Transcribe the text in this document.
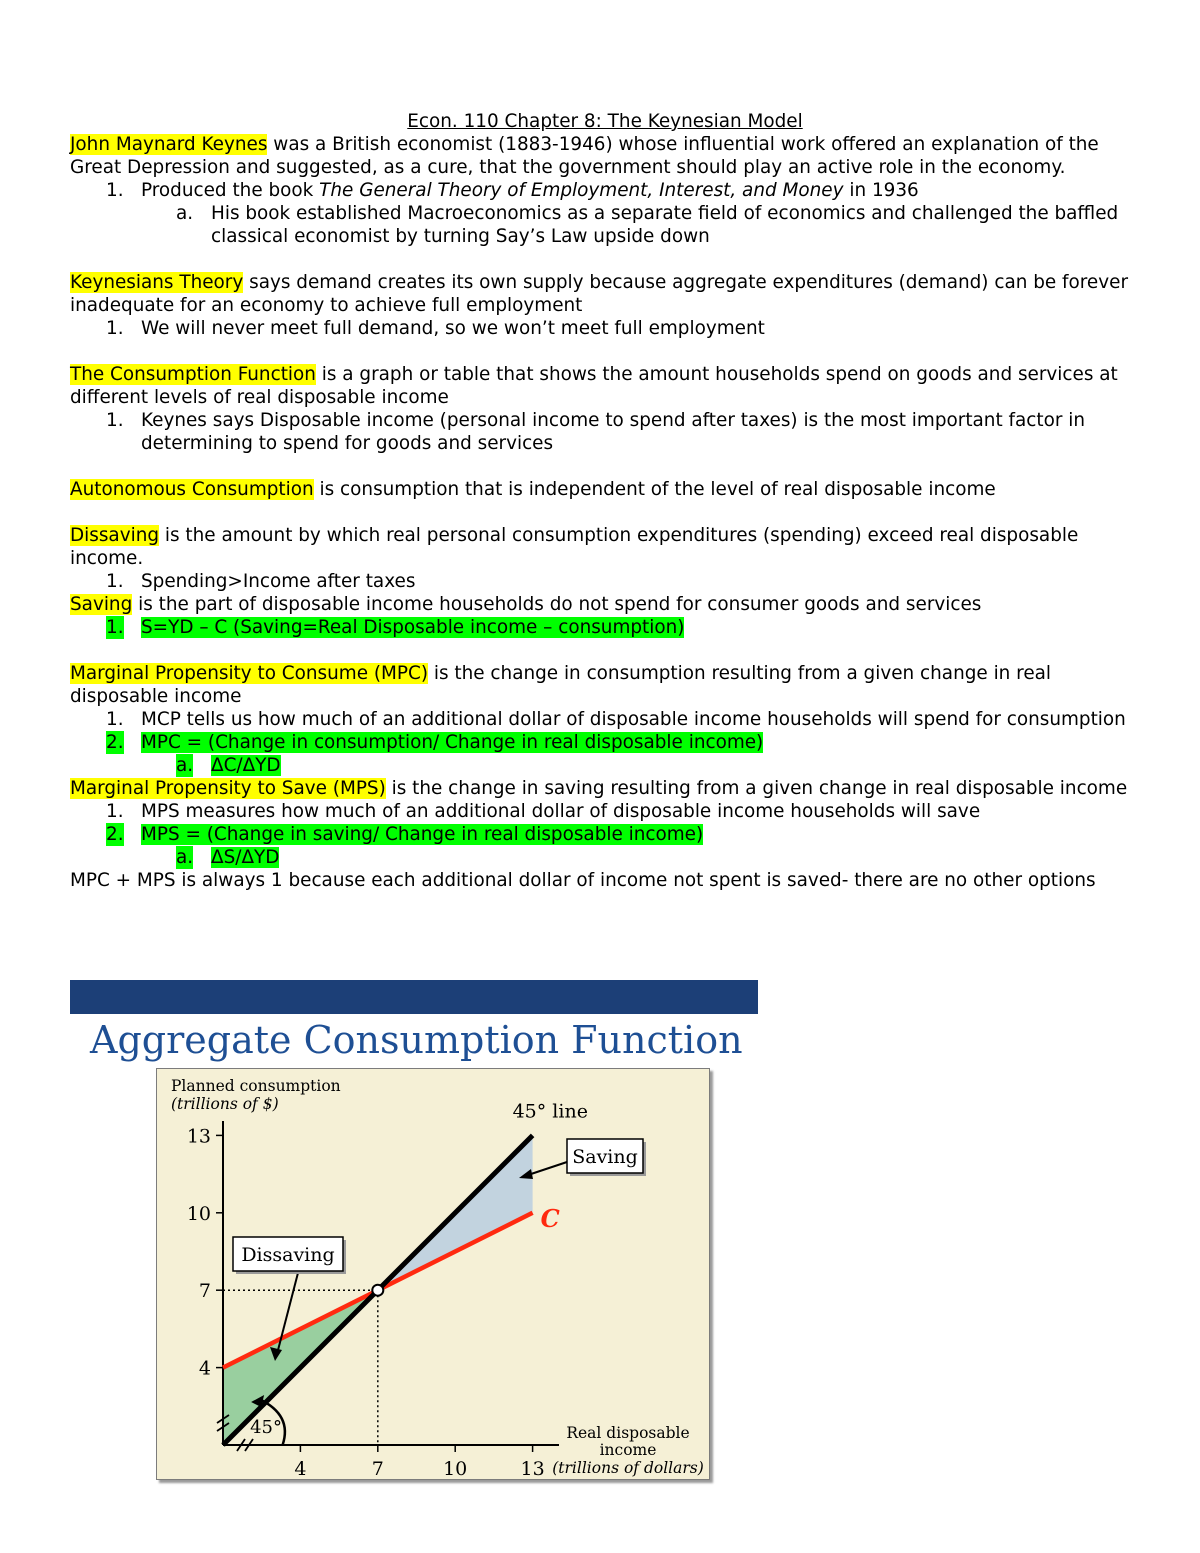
Econ. 110 Chapter 8: The Keynesian Model

John Maynard Keynes was a British economist (1883-1946) whose influential work offered an explanation of the Great Depression and suggested, as a cure, that the government should play an active role in the economy.

1. Produced the book The General Theory of Employment, Interest, and Money in 1936
a. His book established Macroeconomics as a separate field of economics and challenged the baffled classical economist by turning Say’s Law upside down

Keynesians Theory says demand creates its own supply because aggregate expenditures (demand) can be forever inadequate for an economy to achieve full employment

1. We will never meet full demand, so we won’t meet full employment

The Consumption Function is a graph or table that shows the amount households spend on goods and services at different levels of real disposable income

1. Keynes says Disposable income (personal income to spend after taxes) is the most important factor in determining to spend for goods and services

Autonomous Consumption is consumption that is independent of the level of real disposable income

Dissaving is the amount by which real personal consumption expenditures (spending) exceed real disposable income.

1. Spending>Income after taxes

Saving is the part of disposable income households do not spend for consumer goods and services

1. S=YD – C (Saving=Real Disposable income – consumption)

Marginal Propensity to Consume (MPC) is the change in consumption resulting from a given change in real disposable income

1. MCP tells us how much of an additional dollar of disposable income households will spend for consumption
2. MPC = (Change in consumption/ Change in real disposable income)
a. ΔC/ΔYD

Marginal Propensity to Save (MPS) is the change in saving resulting from a given change in real disposable income

1. MPS measures how much of an additional dollar of disposable income households will save
2. MPS = (Change in saving/ Change in real disposable income)
a. ΔS/ΔYD

MPC + MPS is always 1 because each additional dollar of income not spent is saved- there are no other options

Aggregate Consumption Function
4
7
10
13
4	7	10	13
45° line
C
Planned consumption
(trillions of $)
Real disposable
income
(trillions of dollars)
Saving
Dissaving
45°
